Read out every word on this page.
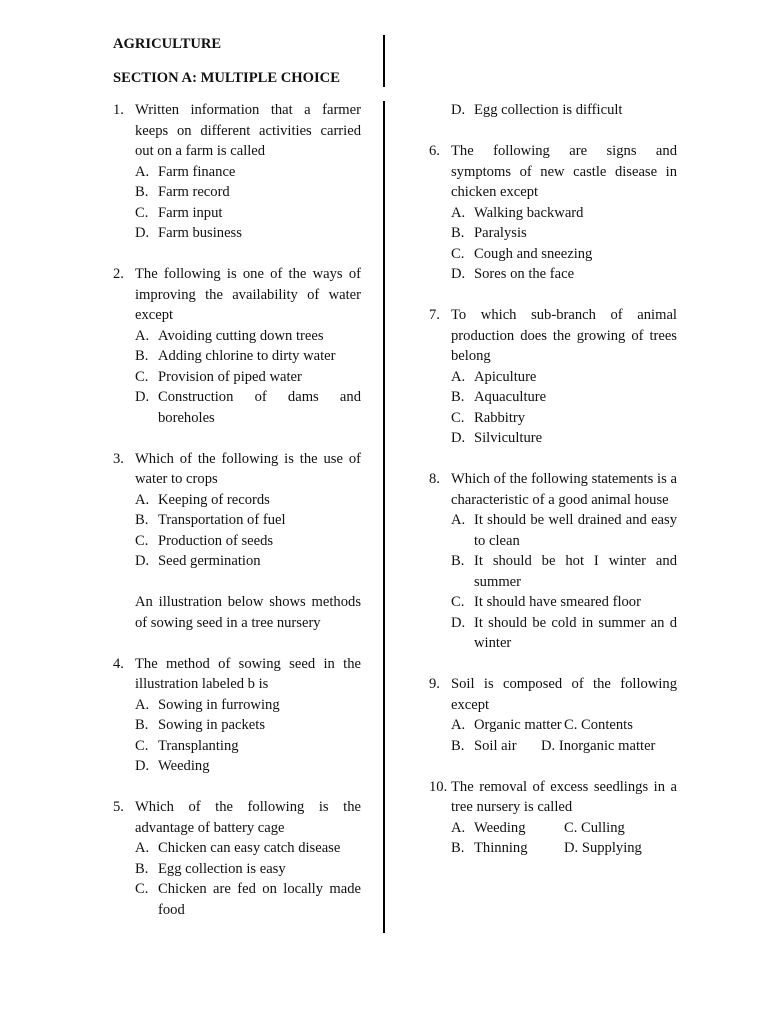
AGRICULTURE
SECTION A: MULTIPLE CHOICE
1. Written information that a farmer keeps on different activities carried out on a farm is called
A. Farm finance
B. Farm record
C. Farm input
D. Farm business
2. The following is one of the ways of improving the availability of water except
A. Avoiding cutting down trees
B. Adding chlorine to dirty water
C. Provision of piped water
D. Construction of dams and boreholes
3. Which of the following is the use of water to crops
A. Keeping of records
B. Transportation of fuel
C. Production of seeds
D. Seed germination
An illustration below shows methods of sowing seed in a tree nursery
4. The method of sowing seed in the illustration labeled b is
A. Sowing in furrowing
B. Sowing in packets
C. Transplanting
D. Weeding
5. Which of the following is the advantage of battery cage
A. Chicken can easy catch disease
B. Egg collection is easy
C. Chicken are fed on locally made food
D. Egg collection is difficult
6. The following are signs and symptoms of new castle disease in chicken except
A. Walking backward
B. Paralysis
C. Cough and sneezing
D. Sores on the face
7. To which sub-branch of animal production does the growing of trees belong
A. Apiculture
B. Aquaculture
C. Rabbitry
D. Silviculture
8. Which of the following statements is a characteristic of a good animal house
A. It should be well drained and easy to clean
B. It should be hot I winter and summer
C. It should have smeared floor
D. It should be cold in summer an d winter
9. Soil is composed of the following except
A. Organic matter C. Contents
B. Soil air D. Inorganic matter
10. The removal of excess seedlings in a tree nursery is called
A. Weeding	C. Culling
B. Thinning D. Supplying
